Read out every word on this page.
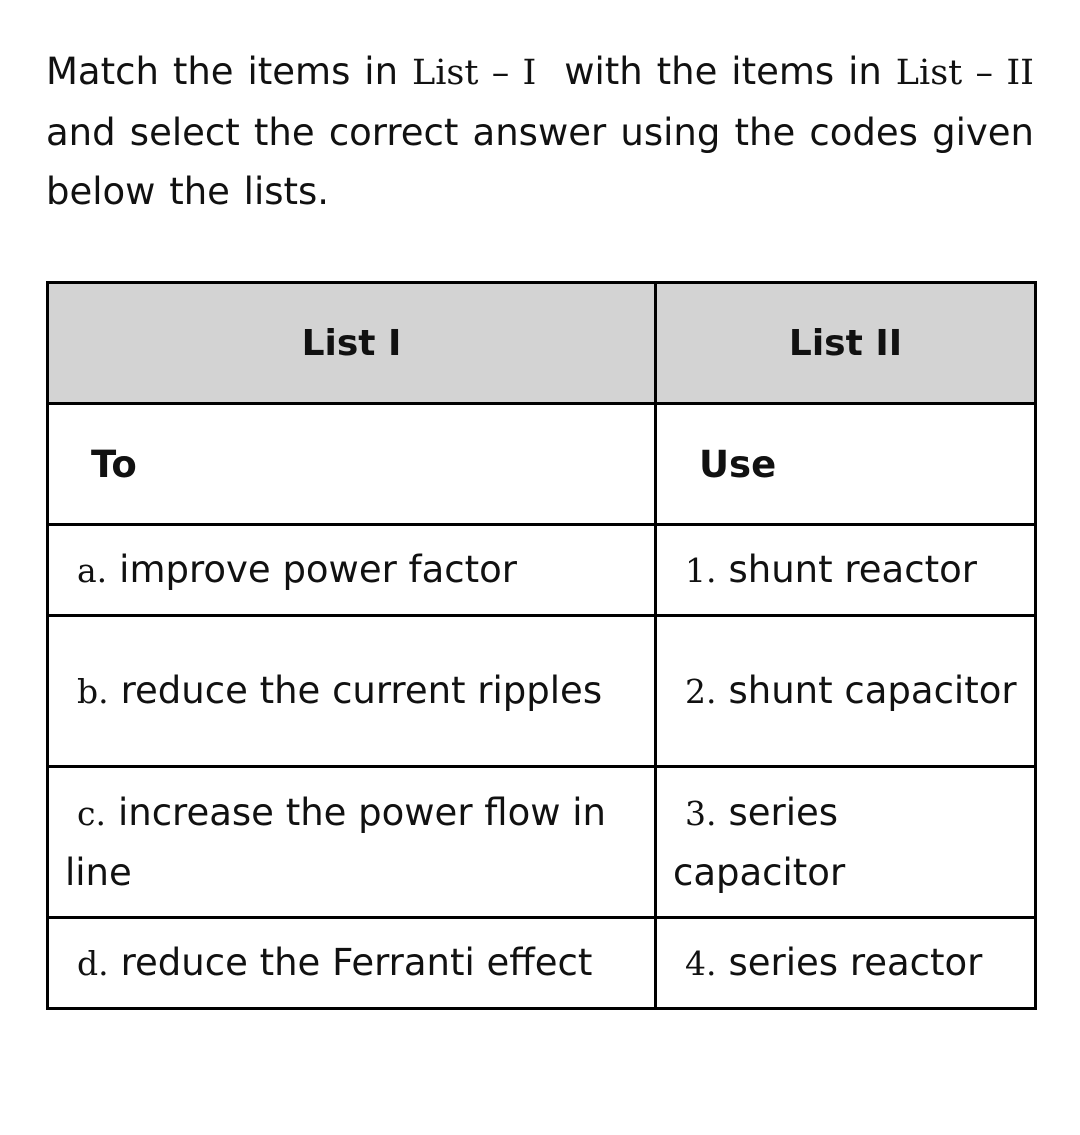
Match the items in List – I with the items in List – II and select the correct answer using the codes given below the lists.
List I	List II
To	Use

a. improve power factor	1. shunt reactor

b. reduce the current ripples	2. shunt capacitor

c. increase the power flow in line	3. series capacitor

d. reduce the Ferranti effect	4. series reactor
